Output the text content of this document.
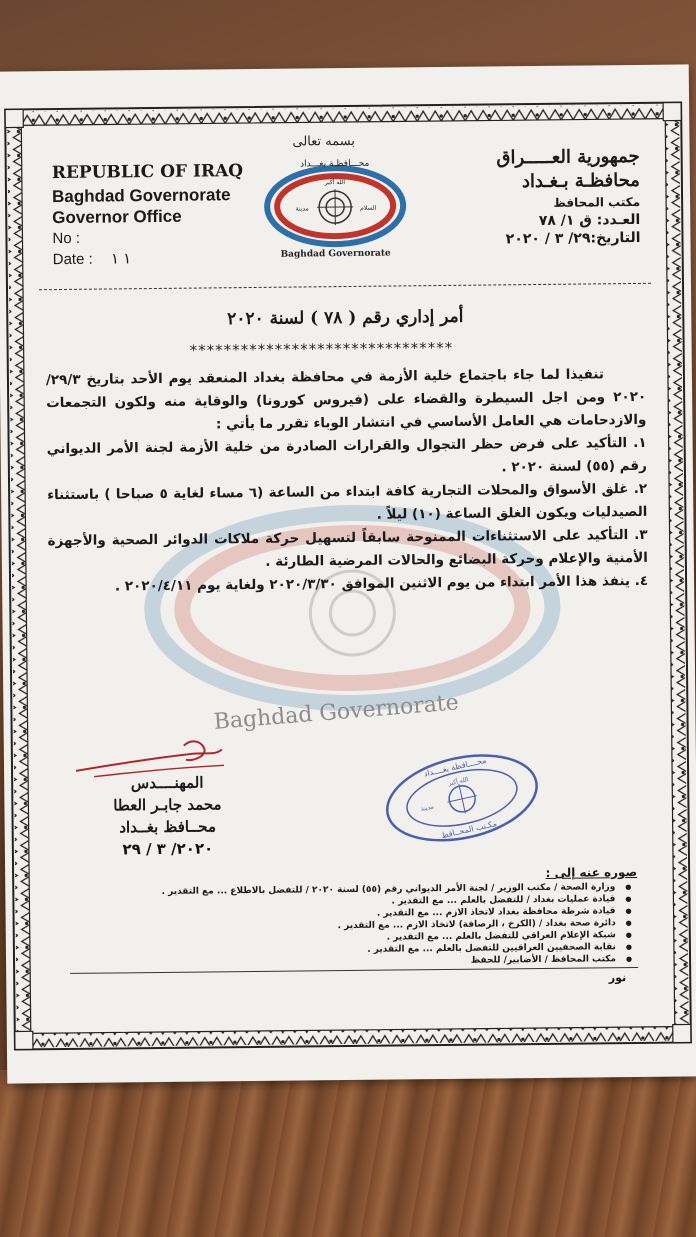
بسمه تعالى
REPUBLIC OF IRAQ
Baghdad Governorate
Governor Office
No :
Date : ١ ١
محـــافظـة بغـــداد
الله أكبر
مدينة	السلام
Baghdad Governorate
جمهورية العـــــراق
محافظـة بـغـداد
مكتب المحافظ
العـدد: ق ١/ ٧٨
التاريخ:٢٩/ ٣ / ٢٠٢٠
أمر إداري رقم ( ٧٨ ) لسنة ٢٠٢٠
*******************************

تنفيذا لما جاء باجتماع خلية الأزمة في محافظة بغداد المنعقد يوم الأحد بتاريخ ٢٩/٣/ ٢٠٢٠ ومن اجل السيطرة والقضاء على (فيروس كورونا) والوقاية منه ولكون التجمعات والازدحامات هي العامل الأساسي في انتشار الوباء تقرر ما يأتي :

١. التأكيد على فرض حظر التجوال والقرارات الصادرة من خلية الأزمة لجنة الأمر الديواني رقم (٥٥) لسنة ٢٠٢٠ .

٢. غلق الأسواق والمحلات التجارية كافة ابتداء من الساعة (٦ مساء لغاية ٥ صباحا ) باستثناء الصيدليات ويكون الغلق الساعة (١٠) ليلاً .

٣. التأكيد على الاستثناءات الممنوحة سابقاً لتسهيل حركة ملاكات الدوائر الصحية والأجهزة الأمنية والإعلام وحركة البضائع والحالات المرضية الطارئة .

٤. ينفذ هذا الأمر ابتداء من يوم الاثنين الموافق ٢٠٢٠/٣/٣٠ ولغاية يوم ٢٠٢٠/٤/١١ .

Baghdad Governorate
المهنــــدس
محمد جابـر العطا
محــافظ بغــداد
٢٠٢٠/ ٣ / ٢٩
محــــافظة بغــــداد
الله أكبر
مدينة
مكـتب المحــافظ
صوره عنه إلى :
● وزارة الصحة / مكتب الوزير / لجنة الأمر الديواني رقم (٥٥) لسنة ٢٠٢٠ / للتفضل بالاطلاع ... مع التقدير .
● قيادة عمليات بغداد / للتفضل بالعلم ... مع التقدير .
● قيادة شرطة محافظة بغداد لاتخاذ الازم ... مع التقدير .
● دائرة صحة بغداد / (الكرخ ، الرصافة) لاتخاذ الازم ... مع التقدير .
● شبكة الإعلام العراقي للتفضل بالعلم ... مع التقدير .
● نقابة الصحفيين العراقيين للتفضل بالعلم ... مع التقدير .
● مكتب المحافظ / الأضابير/ للحفظ
نور
